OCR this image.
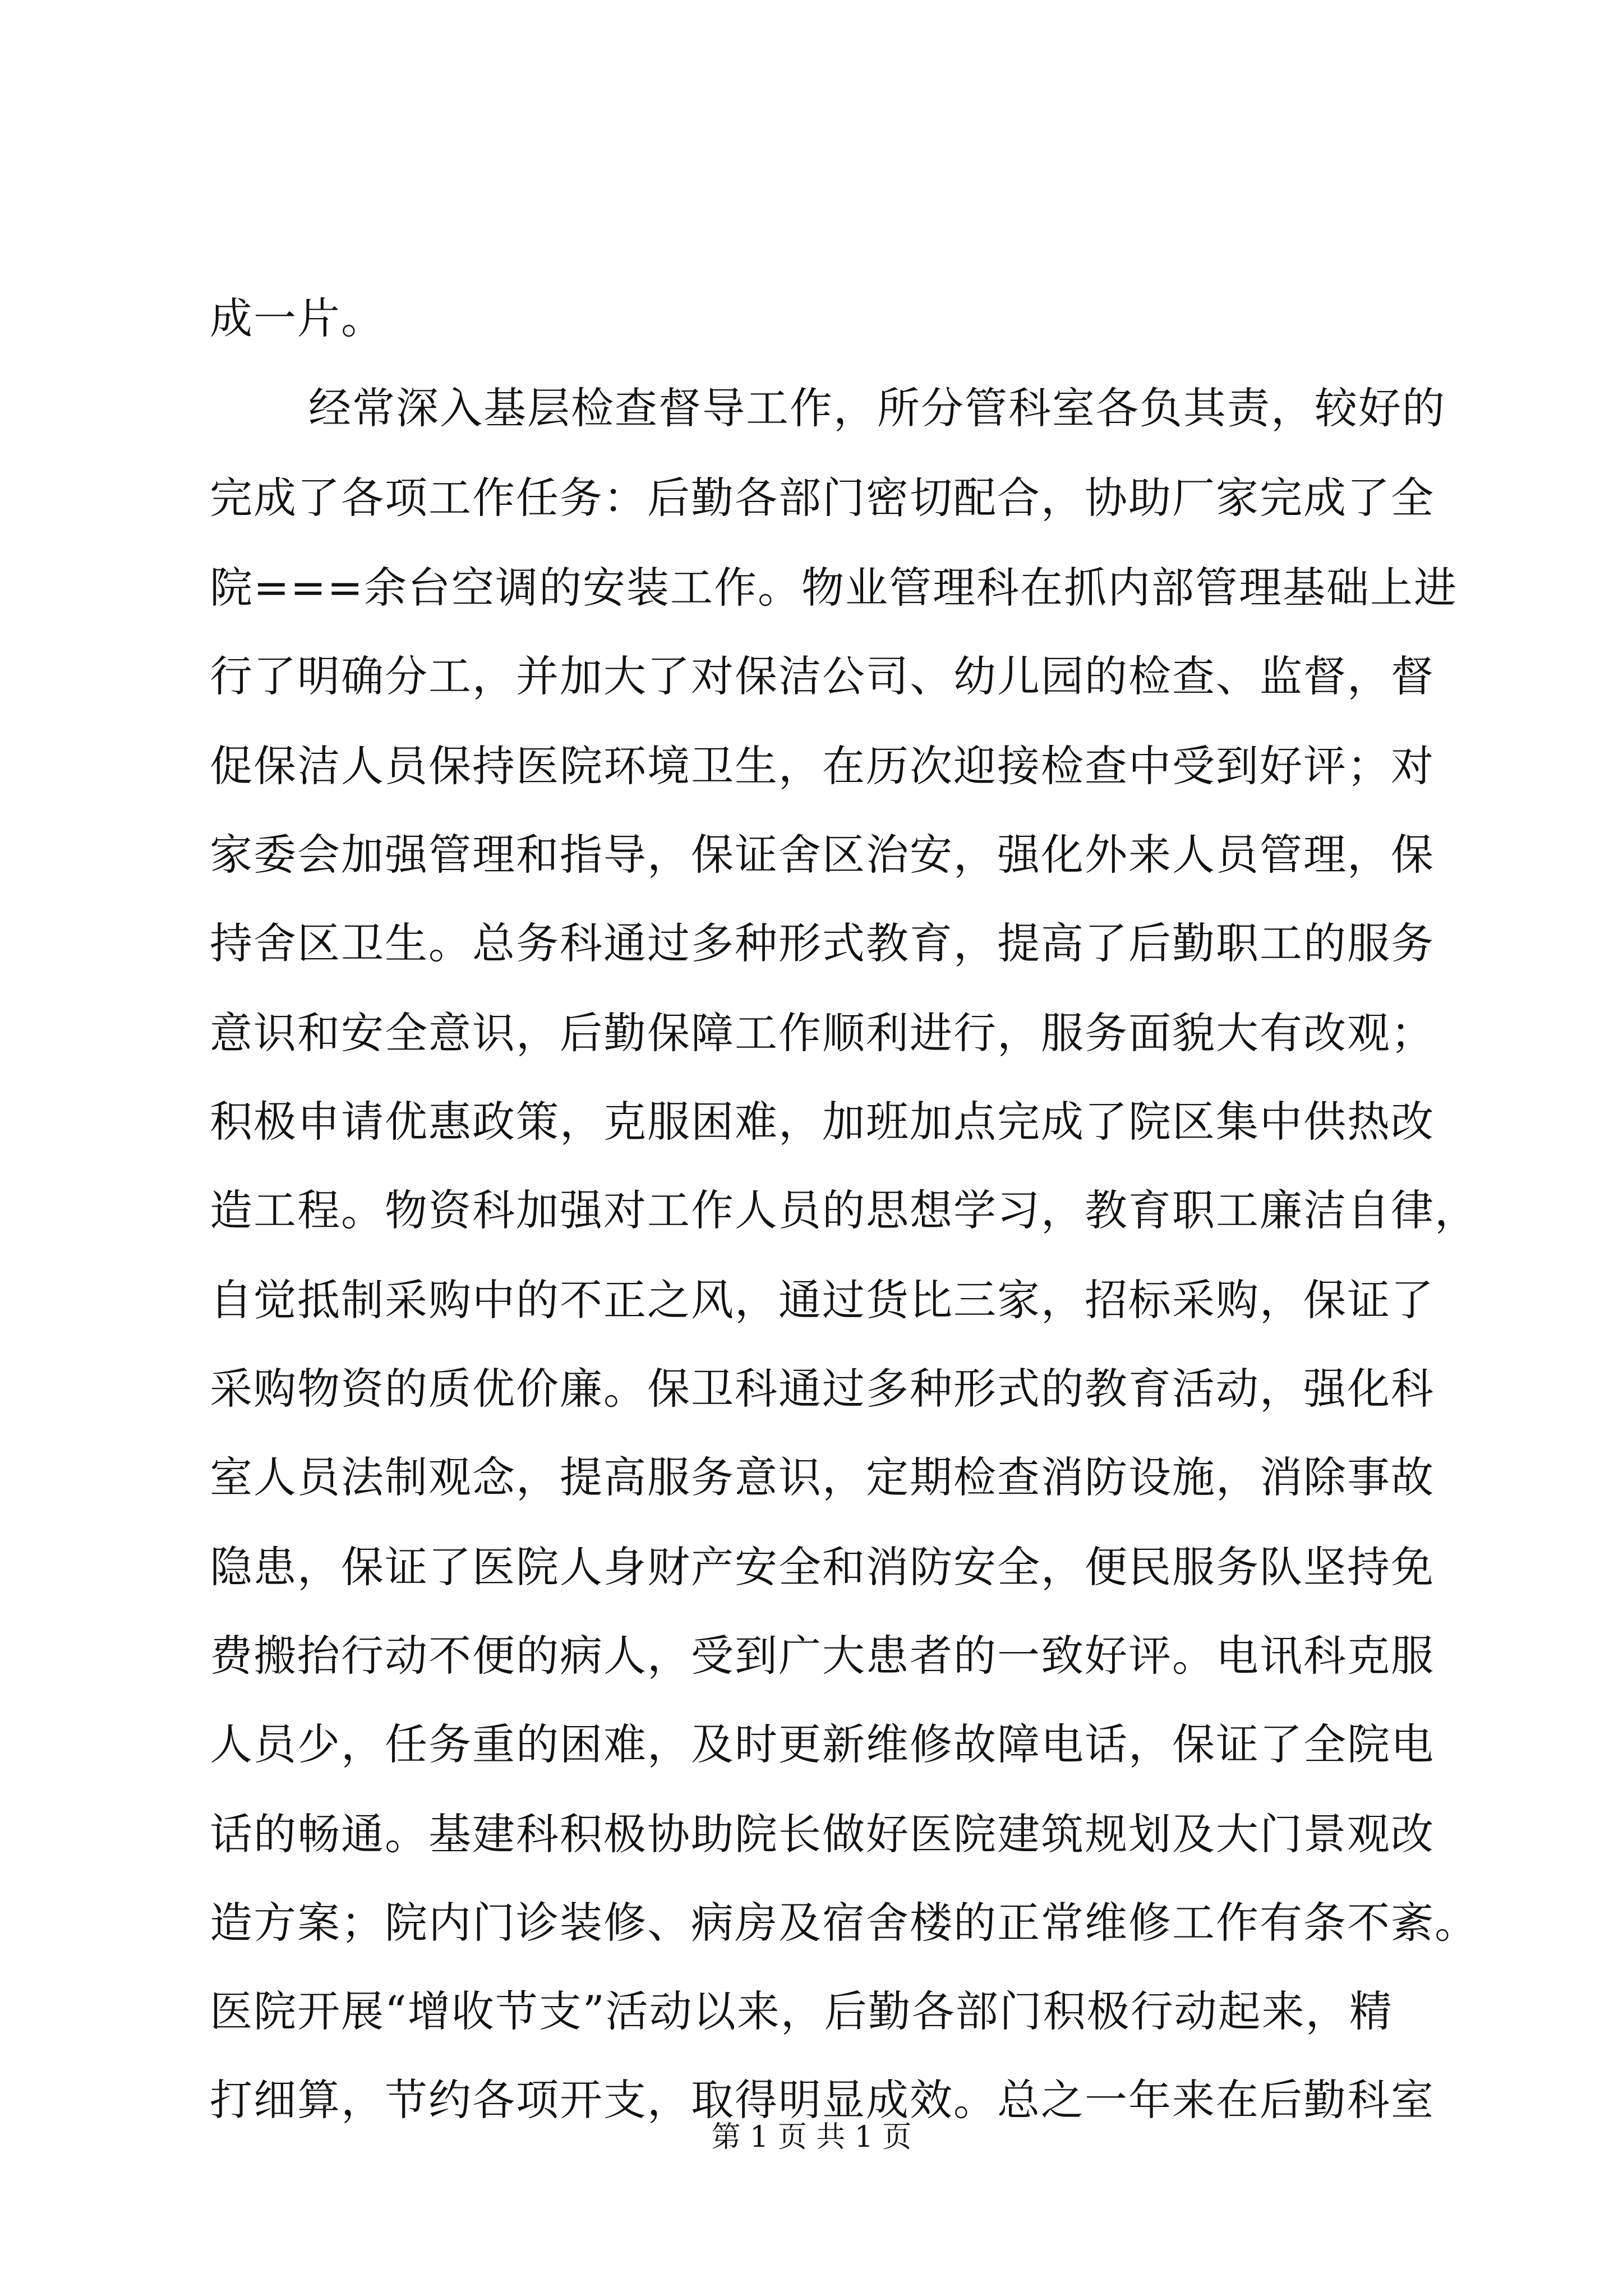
成一片。
经常深入基层检查督导工作，所分管科室各负其责，较好的
完成了各项工作任务：后勤各部门密切配合，协助厂家完成了全
院===余台空调的安装工作。物业管理科在抓内部管理基础上进
行了明确分工，并加大了对保洁公司、幼儿园的检查、监督，督
促保洁人员保持医院环境卫生，在历次迎接检查中受到好评；对
家委会加强管理和指导，保证舍区治安，强化外来人员管理，保
持舍区卫生。总务科通过多种形式教育，提高了后勤职工的服务
意识和安全意识，后勤保障工作顺利进行，服务面貌大有改观；
积极申请优惠政策，克服困难，加班加点完成了院区集中供热改
造工程。物资科加强对工作人员的思想学习，教育职工廉洁自律，
自觉抵制采购中的不正之风，通过货比三家，招标采购，保证了
采购物资的质优价廉。保卫科通过多种形式的教育活动，强化科
室人员法制观念，提高服务意识，定期检查消防设施，消除事故
隐患，保证了医院人身财产安全和消防安全，便民服务队坚持免
费搬抬行动不便的病人，受到广大患者的一致好评。电讯科克服
人员少，任务重的困难，及时更新维修故障电话，保证了全院电
话的畅通。基建科积极协助院长做好医院建筑规划及大门景观改
造方案；院内门诊装修、病房及宿舍楼的正常维修工作有条不紊。
医院开展“增收节支”活动以来，后勤各部门积极行动起来，精
打细算，节约各项开支，取得明显成效。总之一年来在后勤科室
第 1 页 共 1 页
